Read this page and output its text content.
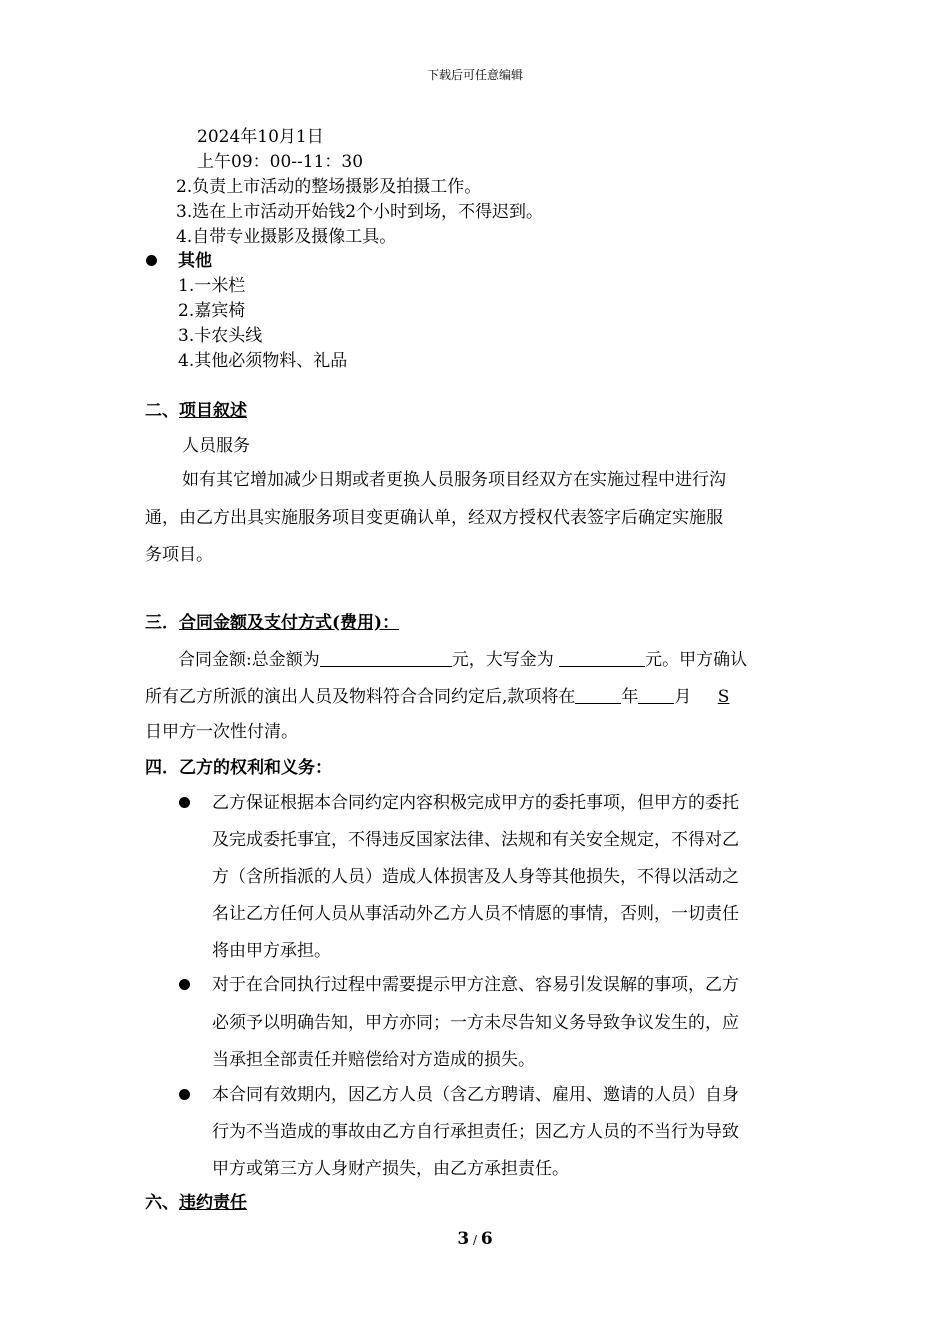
下载后可任意编辑
2024年10月1日
上午09：00--11：30
2.负责上市活动的整场摄影及拍摄工作。
3.选在上市活动开始钱2个小时到场，不得迟到。
4.自带专业摄影及摄像工具。
其他
1.一米栏
2.嘉宾椅
3.卡农头线
4.其他必须物料、礼品
二、项目叙述
人员服务
如有其它增加减少日期或者更换人员服务项目经双方在实施过程中进行沟
通，由乙方出具实施服务项目变更确认单，经双方授权代表签字后确定实施服
务项目。
三．合同金额及支付方式(费用)：
合同金额:总金额为	元，大写金为	元。甲方确认
所有乙方所派的演出人员及物料符合合同约定后,款项将在	年 月 S
日甲方一次性付清。
四．乙方的权利和义务：
乙方保证根据本合同约定内容积极完成甲方的委托事项，但甲方的委托
及完成委托事宜，不得违反国家法律、法规和有关安全规定，不得对乙
方（含所指派的人员）造成人体损害及人身等其他损失，不得以活动之
名让乙方任何人员从事活动外乙方人员不情愿的事情，否则，一切责任
将由甲方承担。
对于在合同执行过程中需要提示甲方注意、容易引发误解的事项，乙方
必须予以明确告知，甲方亦同；一方未尽告知义务导致争议发生的，应
当承担全部责任并赔偿给对方造成的损失。
本合同有效期内，因乙方人员（含乙方聘请、雇用、邀请的人员）自身
行为不当造成的事故由乙方自行承担责任；因乙方人员的不当行为导致
甲方或第三方人身财产损失，由乙方承担责任。
六、违约责任
3 / 6
